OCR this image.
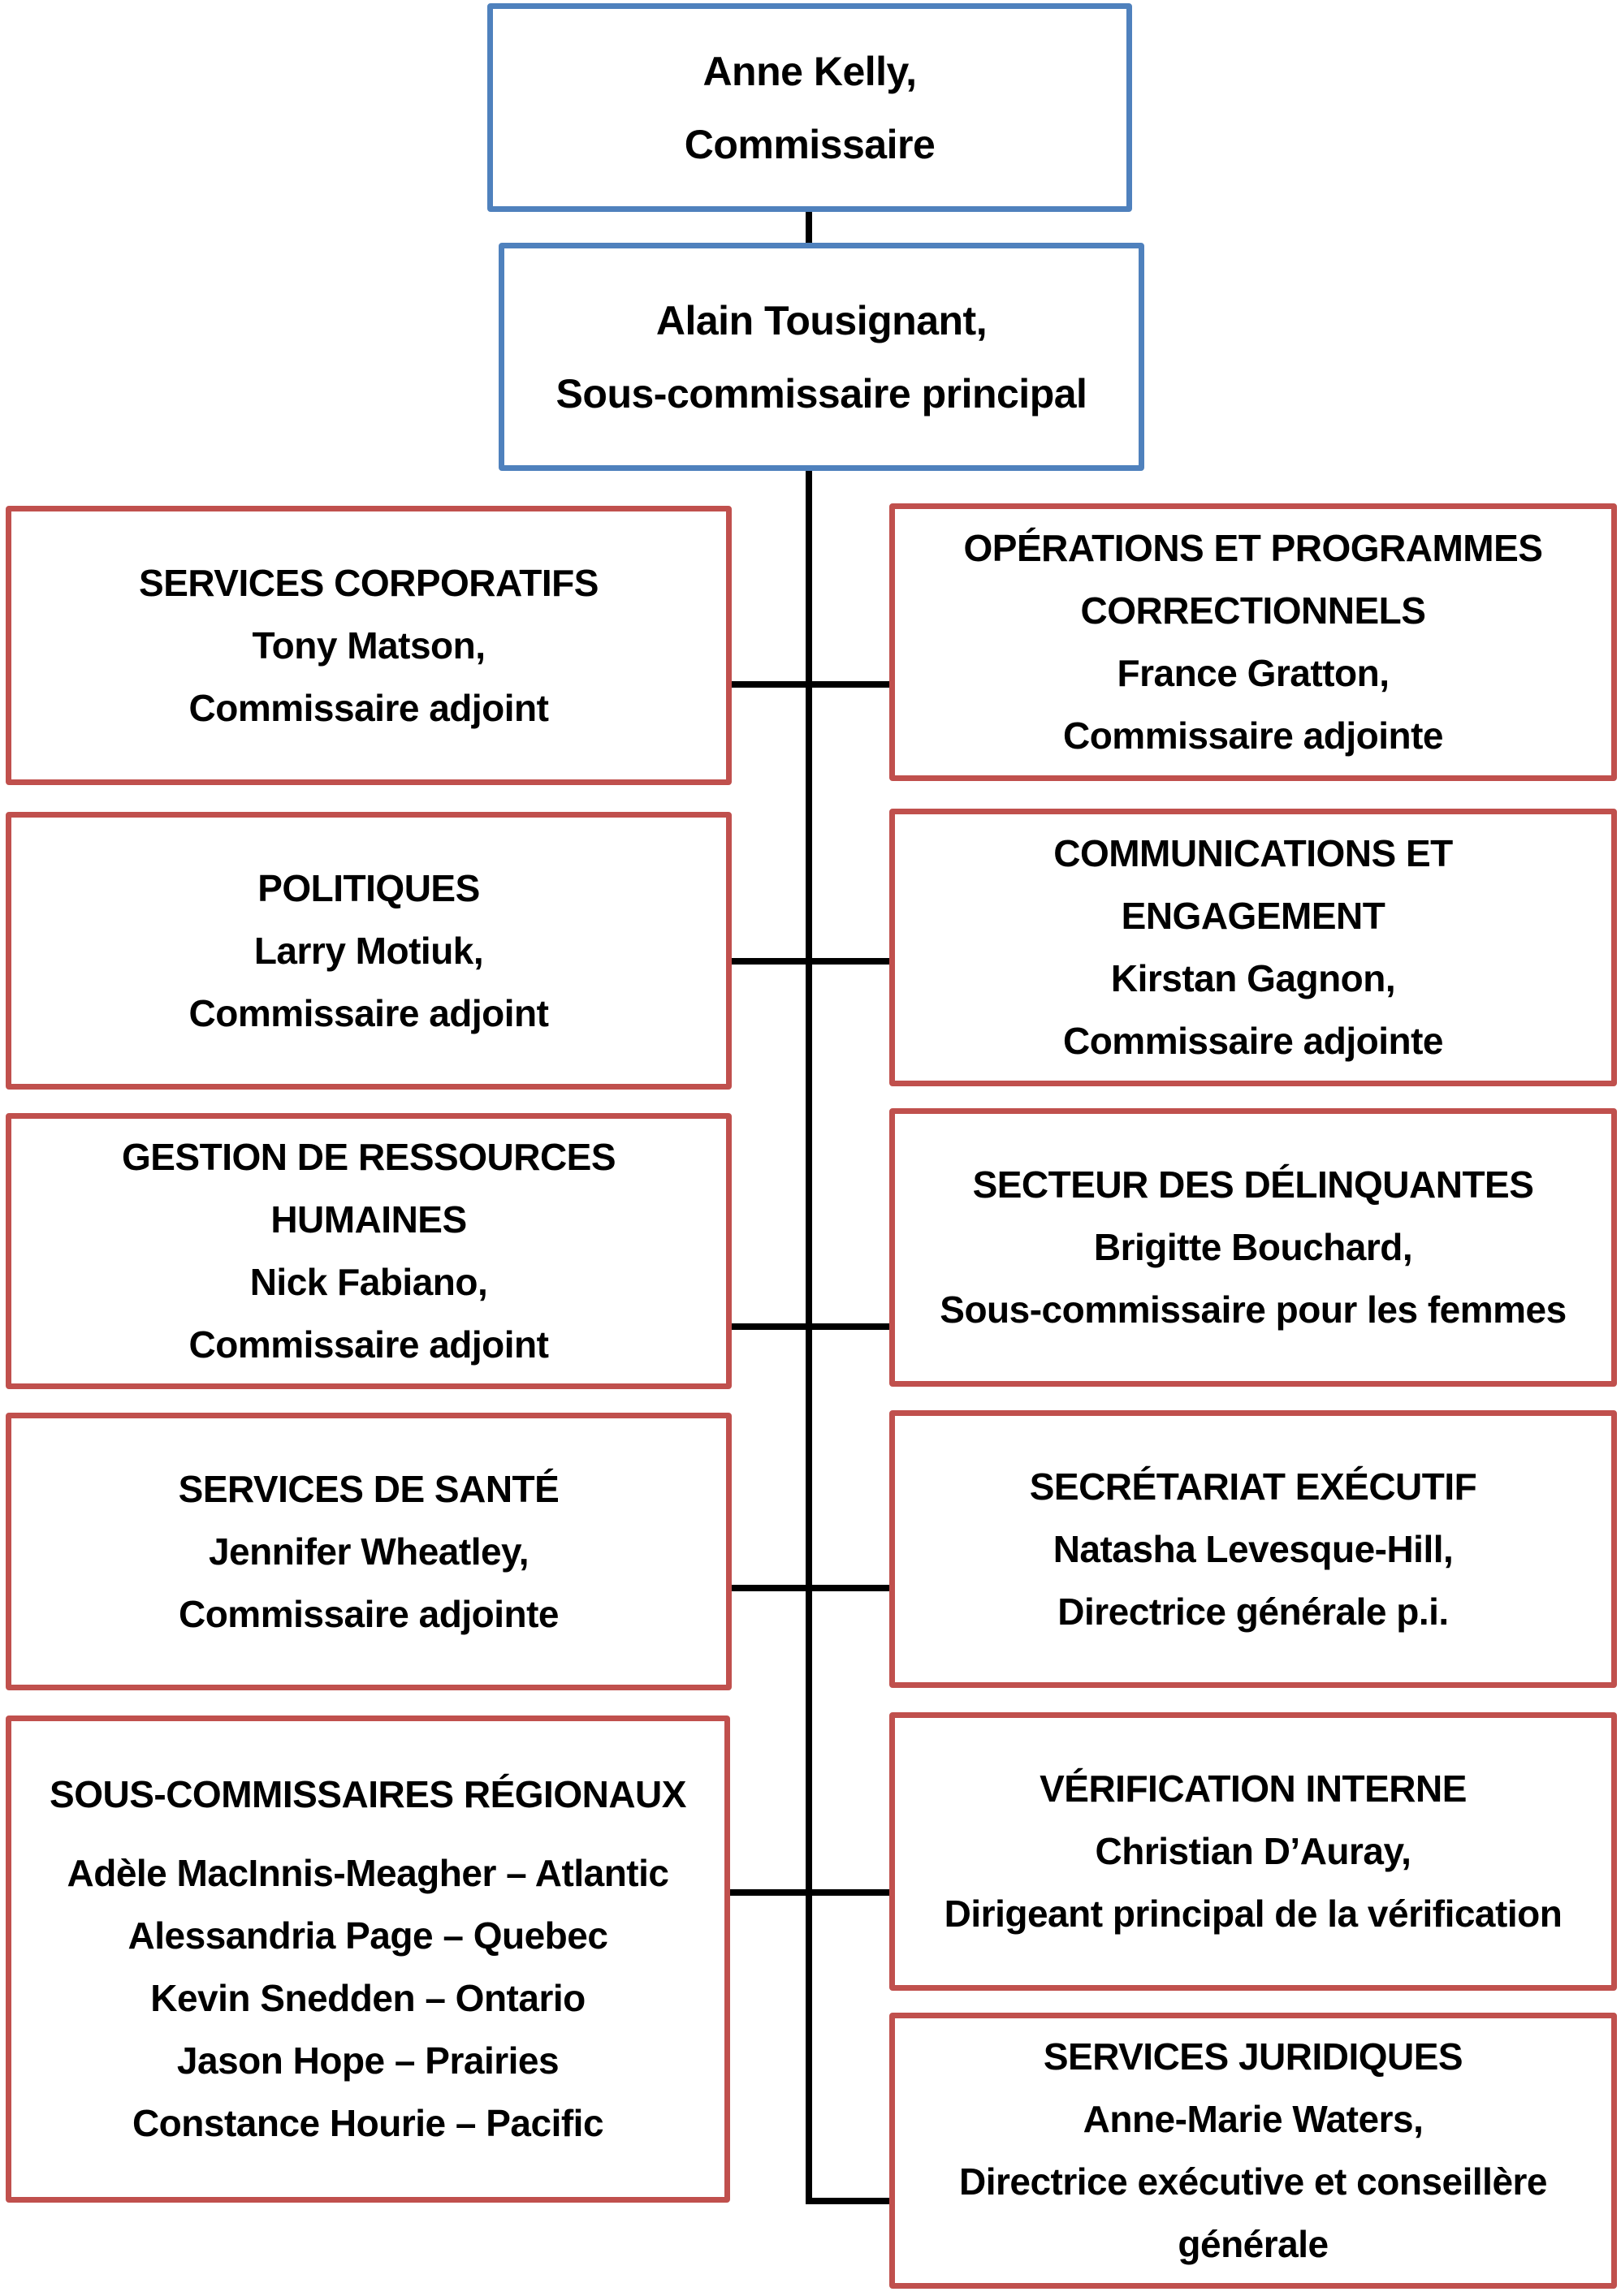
Anne Kelly,
Commissaire
Alain Tousignant,
Sous-commissaire principal
SERVICES CORPORATIFS
Tony Matson,
Commissaire adjoint
POLITIQUES
Larry Motiuk,
Commissaire adjoint
GESTION DE RESSOURCES
HUMAINES
Nick Fabiano,
Commissaire adjoint
SERVICES DE SANTÉ
Jennifer Wheatley,
Commissaire adjointe
SOUS-COMMISSAIRES RÉGIONAUX
Adèle MacInnis-Meagher – Atlantic
Alessandria Page – Quebec
Kevin Snedden – Ontario
Jason Hope – Prairies
Constance Hourie – Pacific
OPÉRATIONS ET PROGRAMMES
CORRECTIONNELS
France Gratton,
Commissaire adjointe
COMMUNICATIONS ET
ENGAGEMENT
Kirstan Gagnon,
Commissaire adjointe
SECTEUR DES DÉLINQUANTES
Brigitte Bouchard,
Sous-commissaire pour les femmes
SECRÉTARIAT EXÉCUTIF
Natasha Levesque-Hill,
Directrice générale p.i.
VÉRIFICATION INTERNE
Christian D’Auray,
Dirigeant principal de la vérification
SERVICES JURIDIQUES
Anne-Marie Waters,
Directrice exécutive et conseillère
générale
